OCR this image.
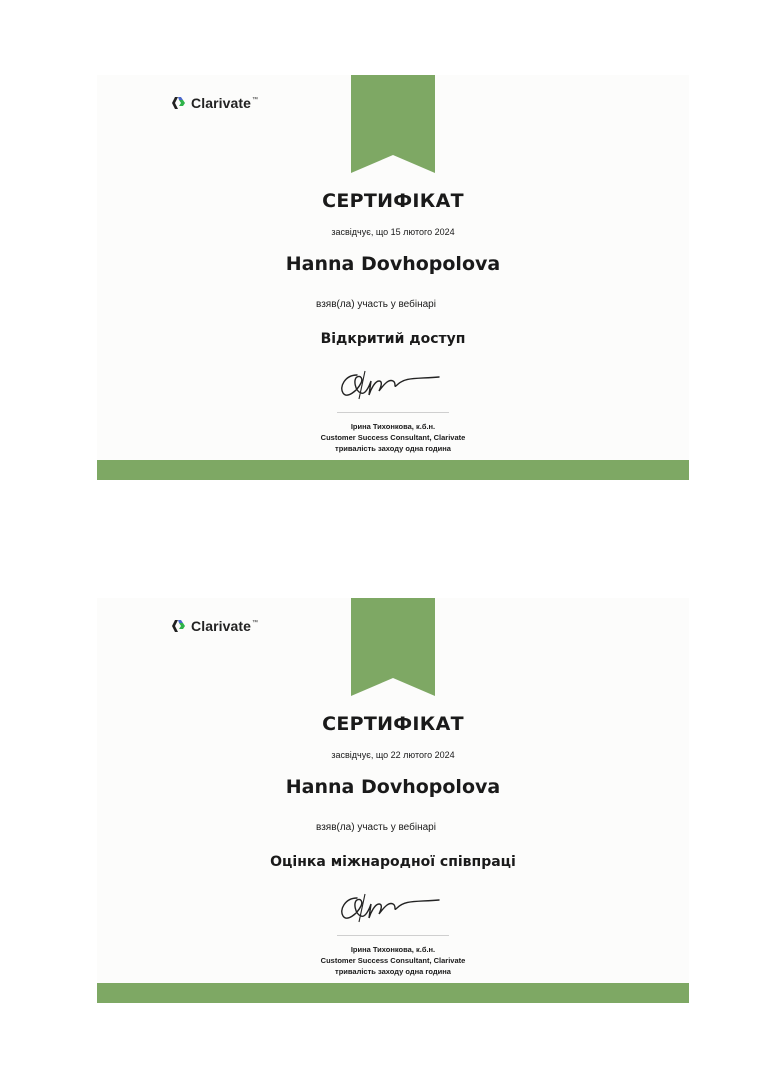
Clarivate ™
СЕРТИФІКАТ
засвідчує, що 15 лютого 2024
Hanna Dovhopolova
взяв(ла) участь у вебінарі
Відкритий доступ
Ірина Тихонкова, к.б.н.
Customer Success Consultant, Clarivate
тривалість заходу одна година
Clarivate ™
СЕРТИФІКАТ
засвідчує, що 22 лютого 2024
Hanna Dovhopolova
взяв(ла) участь у вебінарі
Оцінка міжнародної співпраці
Ірина Тихонкова, к.б.н.
Customer Success Consultant, Clarivate
тривалість заходу одна година
